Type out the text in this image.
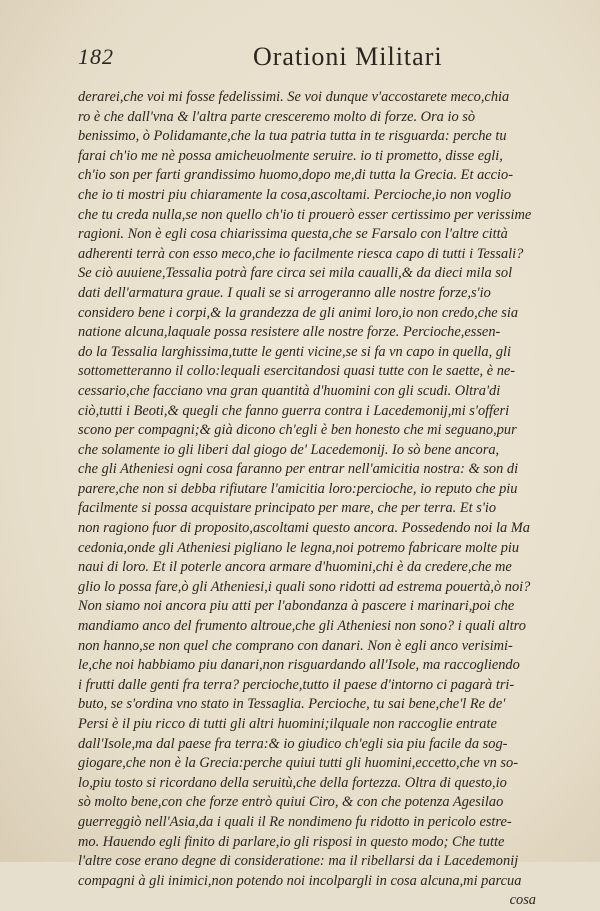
182	Orationi Militari
derarei,che voi mi fosse fedelissimi. Se voi dunque v'accostarete meco,chia
ro è che dall'vna & l'altra parte cresceremo molto di forze. Ora io sò
benissimo, ò Polidamante,che la tua patria tutta in te risguarda: perche tu
farai ch'io me nè possa amicheuolmente seruire. io ti prometto, disse egli,
ch'io son per farti grandissimo huomo,dopo me,di tutta la Grecia. Et accio-
che io ti mostri piu chiaramente la cosa,ascoltami. Percioche,io non voglio
che tu creda nulla,se non quello ch'io ti prouerò esser certissimo per verissime
ragioni. Non è egli cosa chiarissima questa,che se Farsalo con l'altre città
adherenti terrà con esso meco,che io facilmente riesca capo di tutti i Tessali?
Se ciò auuiene,Tessalia potrà fare circa sei mila caualli,& da dieci mila sol
dati dell'armatura graue. I quali se si arrogeranno alle nostre forze,s'io
considero bene i corpi,& la grandezza de gli animi loro,io non credo,che sia
natione alcuna,laquale possa resistere alle nostre forze. Percioche,essen-
do la Tessalia larghissima,tutte le genti vicine,se si fa vn capo in quella, gli
sottometteranno il collo:lequali esercitandosi quasi tutte con le saette, è ne-
cessario,che facciano vna gran quantità d'huomini con gli scudi. Oltra'di
ciò,tutti i Beoti,& quegli che fanno guerra contra i Lacedemonij,mi s'offeri
scono per compagni;& già dicono ch'egli è ben honesto che mi seguano,pur
che solamente io gli liberi dal giogo de' Lacedemonij. Io sò bene ancora,
che gli Atheniesi ogni cosa faranno per entrar nell'amicitia nostra: & son di
parere,che non si debba rifiutare l'amicitia loro:percioche, io reputo che piu
facilmente si possa acquistare principato per mare, che per terra. Et s'io
non ragiono fuor di proposito,ascoltami questo ancora. Possedendo noi la Ma
cedonia,onde gli Atheniesi pigliano le legna,noi potremo fabricare molte piu
naui di loro. Et il poterle ancora armare d'huomini,chi è da credere,che me
glio lo possa fare,ò gli Atheniesi,i quali sono ridotti ad estrema pouertà,ò noi?
Non siamo noi ancora piu atti per l'abondanza à pascere i marinari,poi che
mandiamo anco del frumento altroue,che gli Atheniesi non sono? i quali altro
non hanno,se non quel che comprano con danari. Non è egli anco verisimi-
le,che noi habbiamo piu danari,non risguardando all'Isole, ma raccogliendo
i frutti dalle genti fra terra? percioche,tutto il paese d'intorno ci pagarà tri-
buto, se s'ordina vno stato in Tessaglia. Percioche, tu sai bene,che'l Re de'
Persi è il piu ricco di tutti gli altri huomini;ilquale non raccoglie entrate
dall'Isole,ma dal paese fra terra:& io giudico ch'egli sia piu facile da sog-
giogare,che non è la Grecia:perche quiui tutti gli huomini,eccetto,che vn so-
lo,piu tosto si ricordano della seruitù,che della fortezza. Oltra di questo,io
sò molto bene,con che forze entrò quiui Ciro, & con che potenza Agesilao
guerreggiò nell'Asia,da i quali il Re nondimeno fu ridotto in pericolo estre-
mo. Hauendo egli finito di parlare,io gli risposi in questo modo; Che tutte
l'altre cose erano degne di consideratione: ma il ribellarsi da i Lacedemonij
compagni à gli inimici,non potendo noi incolpargli in cosa alcuna,mi parcua
cosa
